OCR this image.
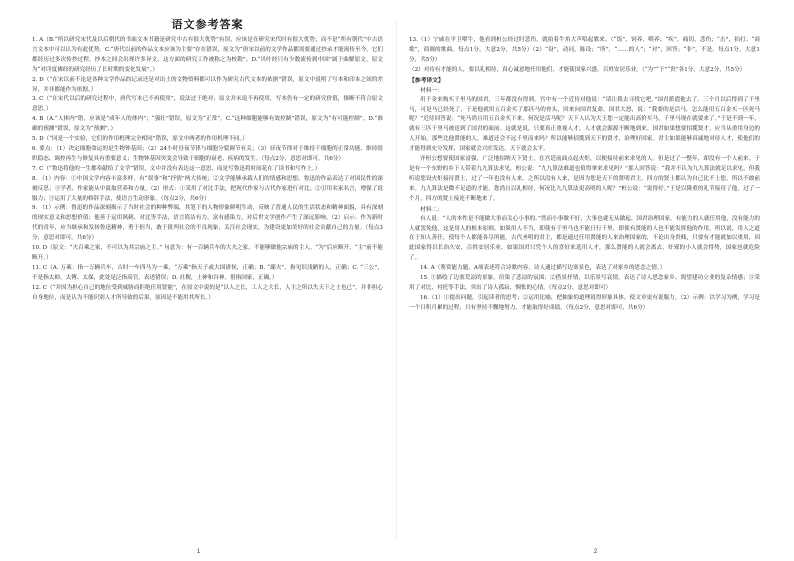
语文参考答案

1. A（B.“所以研究宋代及以后朝代的书面文本书籍是研究中古有很大优势”有误，应该是在研究宋代时有很大优势；而不是“所有朝代”中古语言文本中可以认为有此优势。C.“唐代以前的作品文本应该为主要”存在错误，原文为“唐宋以前的文学作品都需要通过抄录才能流传至今，它们都经历过多次传抄过程，抄本之间会出现许多异文，这方面的研究工作被称之为校勘”。D.“贝叶经只有少数流传到中国”属于曲解原文，原文为“对印度佛经的研究经历了长时期的变化发展”。）

2. D（“在宋以前不论是各种文学作品的记录还是对出土的文物资料都可以作为研究古代文本的依据”错误，原文中说明了写本和印本之间的差异，并非都能作为依据。）

3. C（“在宋代以后的研究过程中，唐代写本已不再使用”，说法过于绝对；原文并未说不再使用，写本仍有一定的研究价值，推断不符合原文意思。）

4. B（A.“人体内”错，应该是“成年人的体内”；“强壮”错误，原文为“正常”。C.“这种细胞能够有效控制”错误，原文为“有可能控制”。D.“准确的预测”错误，原文为“预测”。）

5. D（“同是一个实验，它们的作用机理完全相同”错误，原文中两者的作用机理不同。）

6. 要点：（1）决定细胞命运的是生物钟基因；（2）24小时昼夜节律与细胞分裂调节有关；（3）昼夜节律对于维持干细胞的正常功能、维持组织稳态、调控再生与修复具有重要意义；生物钟基因突变会导致干细胞的衰老、疾病的发生。（每点2分，意思对即可，共6分）

7. C（“鲁迅将他的一生都奉献给了文学”错误，文中并没有表达这一意思，而是写鲁迅将时间花在了读书和写作上。）

8. （1）内容：①中国文学内容丰富多样，有“叙事”和“抒情”两大传统；②文学能够承载人们的情感和思想，鲁迅的作品表达了对国民性的深刻反思；③学者、作家能从中汲取营养和力量。（2）形式：①采用了对比手法，把现代作家与古代作家进行对比；②引用名家名言，增强了说服力；③运用了大量的修辞手法，使语言生动形象。（每点2分，共6分）

9. （1）示例：鲁迅的作品深刻揭示了当时社会的种种弊端，其笔下的人物形象鲜明生动，反映了普通人民的生活状态和精神面貌，具有深刻的现实意义和思想价值；他善于运用讽刺、对比等手法，语言简洁有力，富有感染力，对后世文学创作产生了深远影响。（2）启示：作为新时代的青年，应当继承和发扬鲁迅精神，勇于担当，敢于批判社会的不良现象，关注社会现实，为建设更加美好的社会贡献自己的力量。（每点3分，意思对即可，共6分）

10. D（原文：“夫百乘之家，不可以为其宗庙之主。” 句意为：有一百辆兵车的大夫之家，不能够做他宗庙的主人。“为”后应断开，“主”前不能断开。）

11. C（A. 万乘：指一万辆兵车，古时一车四马为一乘，“万乘”指天子或大国诸侯，正确；B. “鄙夫”，指见识浅陋的人，正确；C. “三公”，不是指太师、太傅、太保，此处是泛指高官，表述错误；D. 社稷，土神和谷神，借指国家，正确。）

12. C（“并因为担心自己的地位受到威胁而拒绝任用贤能”，在原文中说的是“以人之长，工人之大长，人主之所以失天下之士也已”，并非担心自身地位，而是认为不能识别人才所导致的后果，原因是不能用其所长。）

1

13.（1）宁戚在平卫喂牛，他看到桓公经过时悲伤，就拍着牛角大声唱起歌来。（“饭”，饲养、喂养；“疾”，痛切，悲伤；“击”，拍打；“商歌”，商调的歌曲。每点1分，大意2分，共5分）（2）“设”，动词，陈设；“所”，“……的人”；“对”，回答；“非”，不是。每点1分，大意1分，共5分）

（2）对待有才能的人，要以礼相待，真心诚意地任用他们，才能使国家兴盛，百姓安居乐业。（“为”“下”“贵”各1分，大意2分，共5分）

【参考译文】

材料一：

用千金来购买千里马的国君，三年都没有得到。宫中有一个近侍对他说：“请让我去寻找它吧。”国君派遣他去了。三个月以后得到了千里马，可是马已经死了，于是他就用五百金买了那匹马的骨头，回来向国君复命。国君大怒，说：“我要的是活马，怎么能用五百金买一匹死马呢？”近侍回答说：“死马尚且用五百金买下来，何况是活马呢？天下人认为大王您一定能出高价买马，千里马现在就要来了。”于是不到一年，就有三匹千里马被送到了国君的面前。这就是说，只要真正重视人才，人才就会源源不断地到来。国君如果想要招揽贤才，应当从重用身边的人开始，那些比他贤能的人，难道还会不远千里而来吗？所以能够招揽到天下的贤才，治理好国家。君主如果能够真诚地对待人才，使他们的才能得到充分发挥，国家就会兴旺发达，天下就会太平。

齐桓公想要使国家富强，广泛地招纳天下贤士，在宫廷前面点起火炬，以便接待前来求见的人。但是过了一整年，却没有一个人前来。于是有一个东野的乡下人带着九九算法求见，桓公说：“九九算法难道也值得拿来求见吗？”那人回答说：“我并不认为九九算法就足以求见，但我听说您设火炬接待贤士，过了一年也没有人来。之所以没有人来，是因为您是天下的贤明君主，四方的贤士都认为自己比不上您，所以不敢前来。九九算法是微不足道的才能，您尚且以礼相待，何况比九九算法更高明的人呢？”桓公说：“说得好。”于是以隆重的礼节接待了他。过了一个月，四方的贤士接连不断地来了。

材料二：

有人说：“人的本性是不能做大事而关心小事的。”然而小事做不好，大事也就无从做起。国君治理国家，有能力的人就任用他，没有能力的人就罢免他，这是用人的根本原则。如果用人不当，即使有千里马也不能日行千里，即使有贤能的人也不能发挥他的作用。所以说，用人之道在于知人善任，使每个人都能各尽所能。古代圣明的君主，都是通过任用贤能的人来治理国家的，不论出身贵贱，只要有才能就加以重用，因此国家得以长治久安，百姓安居乐业。如果国君只凭个人的喜好来选用人才，那么贤能的人就会离去，奸邪的小人就会得势，国家也就危险了。

14. A（鉴赏能力题，A项表述符合诗歌内容，诗人通过描写边塞景色，表达了对家乡的思念之情。）

15. ①描绘了边塞荒凉的景象，渲染了悲凉的氛围；②借景抒情，以乐景写哀情，表达了诗人思念家乡、渴望建功立业的复杂情感；③采用了对比、衬托等手法，突出了诗人孤寂、惆怅的心情。（每点2分，意思对即可）

16.（1）①提出问题，引起读者的思考；②运用比喻，把抽象的道理说得形象具体，使文章更有说服力。（2）示例：以学习为例，学习是一个日积月累的过程，只有坚持不懈地努力，才能取得好成绩。（每点2分，意思对即可，共6分）

2
